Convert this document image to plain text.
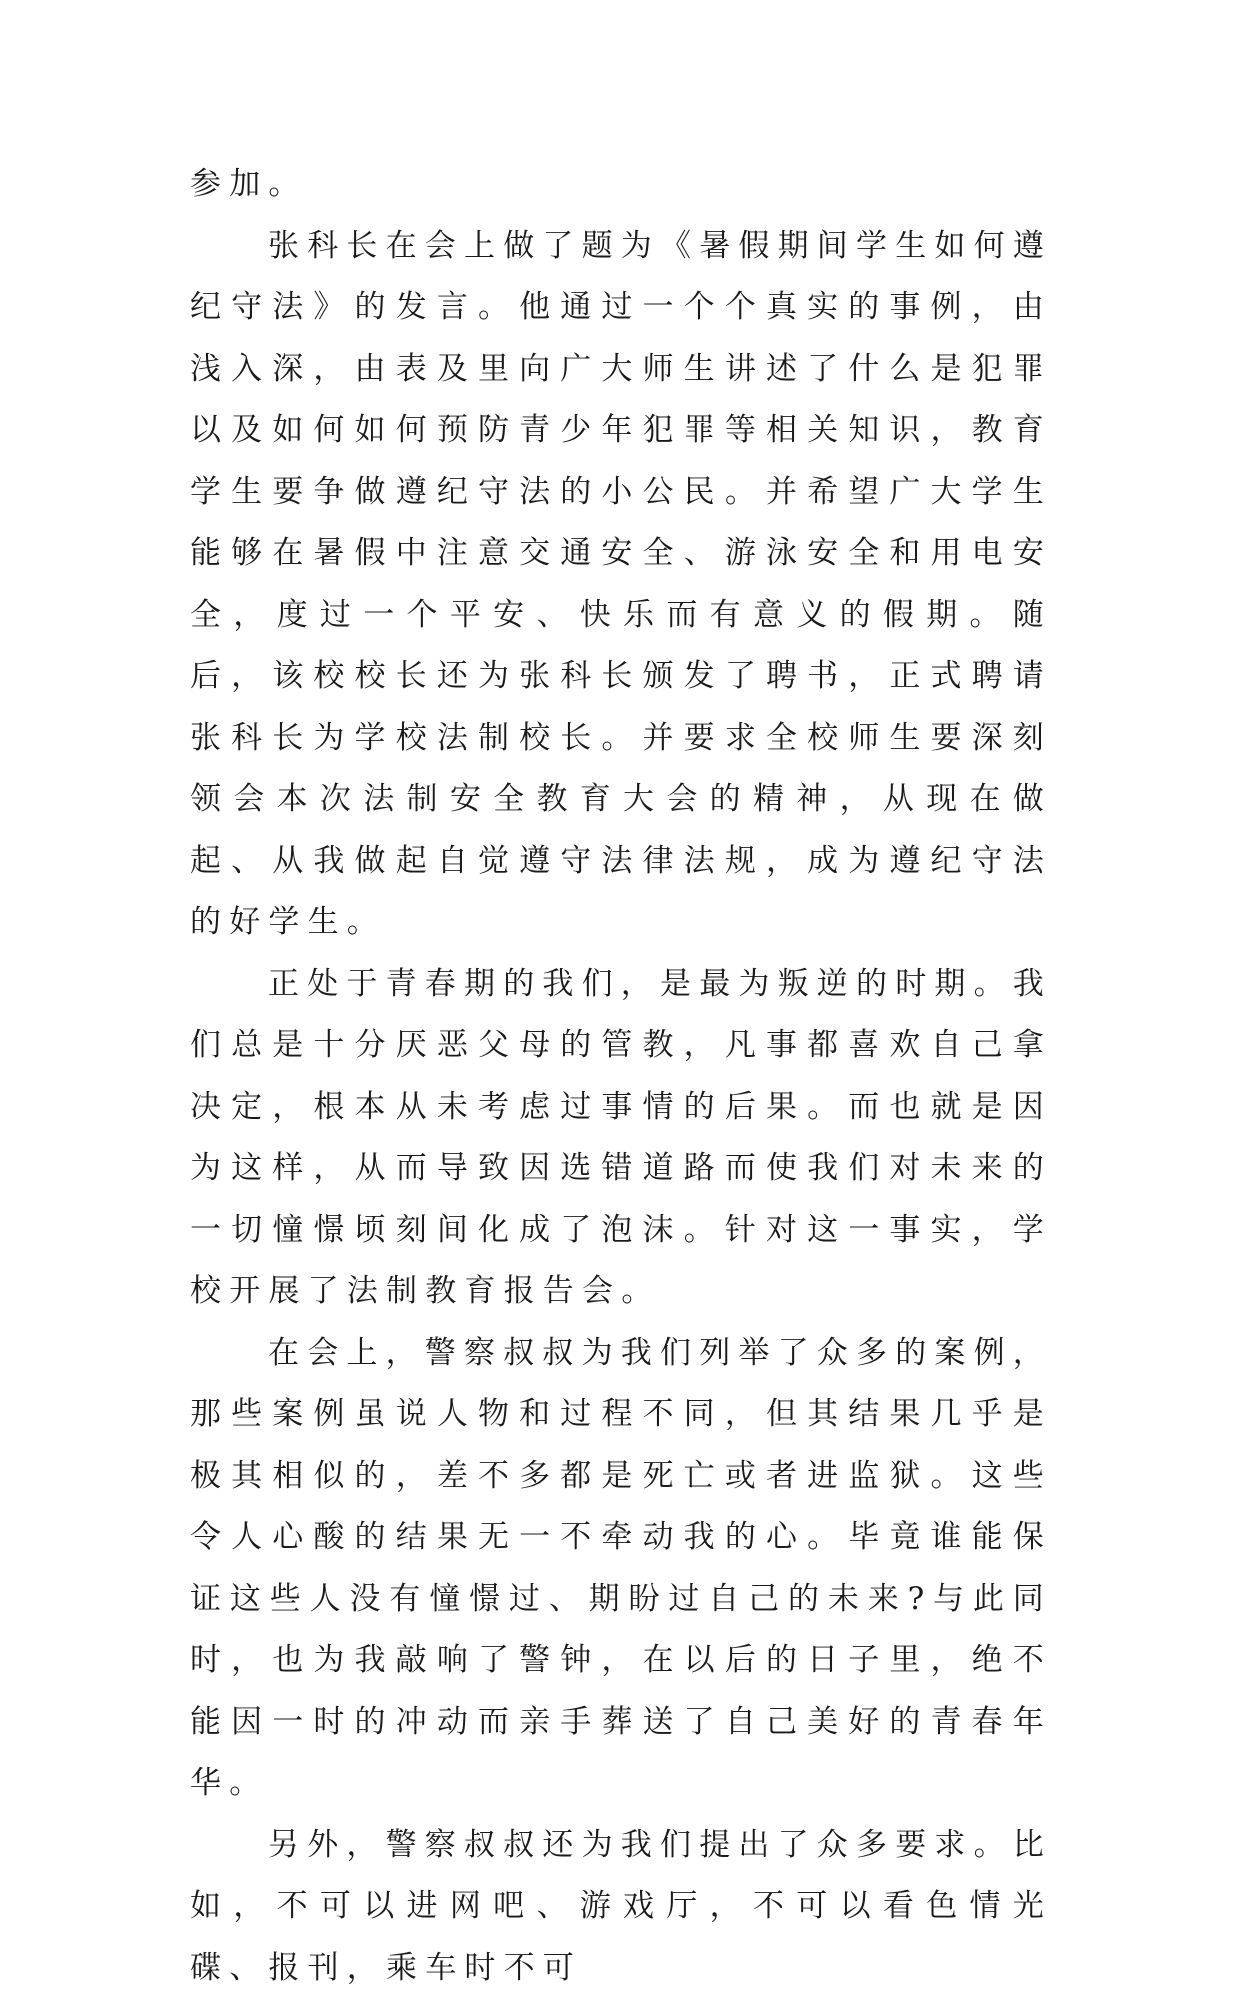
参加。

张科长在会上做了题为《暑假期间学生如何遵纪守法》的发言。他通过一个个真实的事例，由浅入深，由表及里向广大师生讲述了什么是犯罪以及如何如何预防青少年犯罪等相关知识，教育学生要争做遵纪守法的小公民。并希望广大学生能够在暑假中注意交通安全、游泳安全和用电安全，度过一个平安、快乐而有意义的假期。随后，该校校长还为张科长颁发了聘书，正式聘请张科长为学校法制校长。并要求全校师生要深刻领会本次法制安全教育大会的精神，从现在做起、从我做起自觉遵守法律法规，成为遵纪守法的好学生。

正处于青春期的我们，是最为叛逆的时期。我们总是十分厌恶父母的管教，凡事都喜欢自己拿决定，根本从未考虑过事情的后果。而也就是因为这样，从而导致因选错道路而使我们对未来的一切憧憬顷刻间化成了泡沫。针对这一事实，学校开展了法制教育报告会。

在会上，警察叔叔为我们列举了众多的案例，那些案例虽说人物和过程不同，但其结果几乎是极其相似的，差不多都是死亡或者进监狱。这些令人心酸的结果无一不牵动我的心。毕竟谁能保证这些人没有憧憬过、期盼过自己的未来?与此同时，也为我敲响了警钟，在以后的日子里，绝不能因一时的冲动而亲手葬送了自己美好的青春年华。

另外，警察叔叔还为我们提出了众多要求。比如，不可以进网吧、游戏厅，不可以看色情光碟、报刊，乘车时不可
